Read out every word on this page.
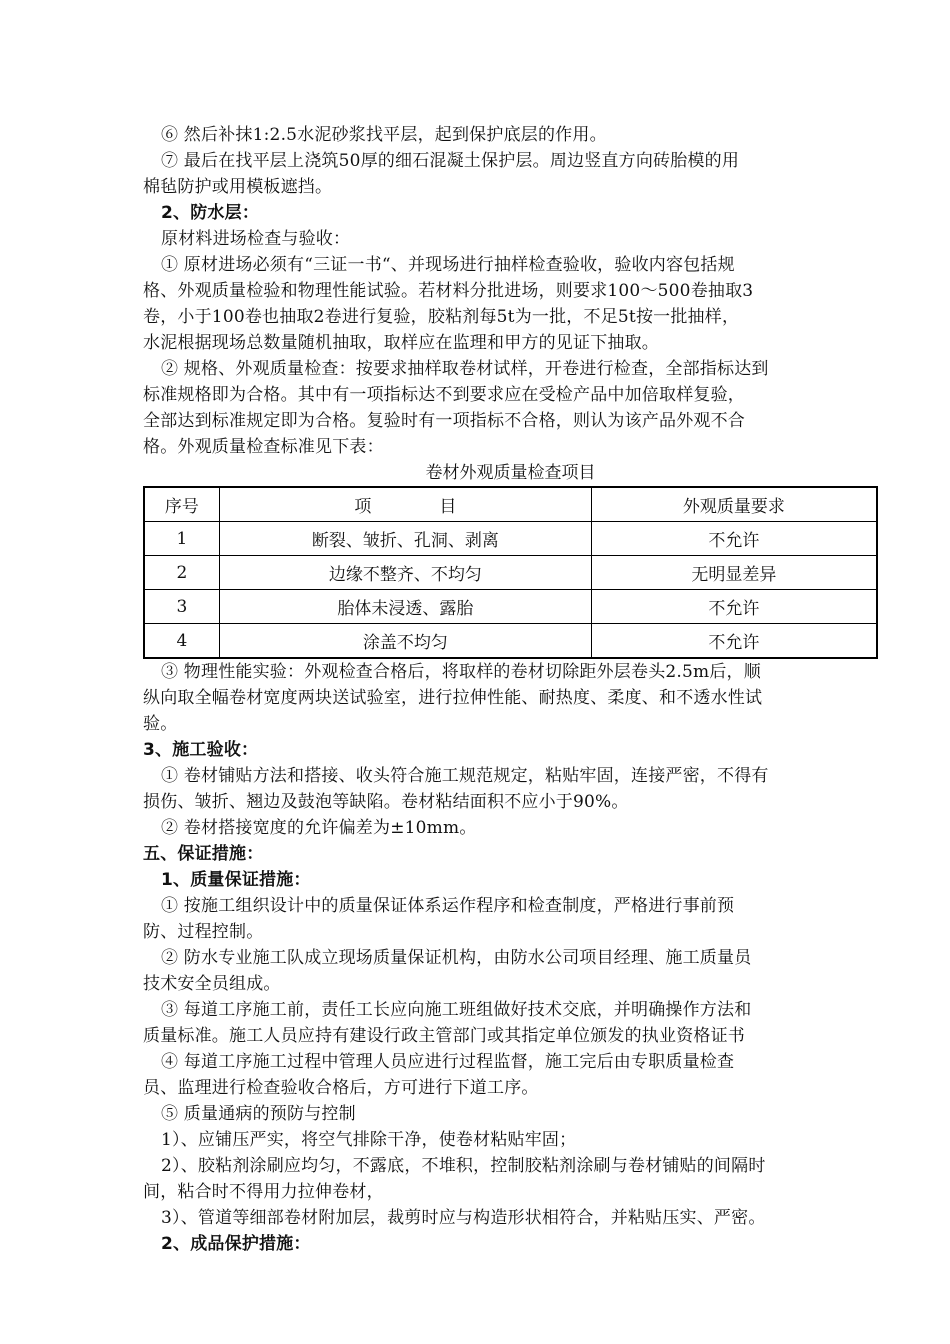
⑥ 然后补抹1:2.5水泥砂浆找平层，起到保护底层的作用。
⑦ 最后在找平层上浇筑50厚的细石混凝土保护层。周边竖直方向砖胎模的用
棉毡防护或用模板遮挡。
2、防水层：
原材料进场检查与验收：
① 原材进场必须有“三证一书“、并现场进行抽样检查验收，验收内容包括规
格、外观质量检验和物理性能试验。若材料分批进场，则要求100～500卷抽取3
卷，小于100卷也抽取2卷进行复验，胶粘剂每5t为一批，不足5t按一批抽样，
水泥根据现场总数量随机抽取，取样应在监理和甲方的见证下抽取。
② 规格、外观质量检查：按要求抽样取卷材试样，开卷进行检查，全部指标达到
标准规格即为合格。其中有一项指标达不到要求应在受检产品中加倍取样复验，
全部达到标准规定即为合格。复验时有一项指标不合格，则认为该产品外观不合
格。外观质量检查标准见下表：
卷材外观质量检查项目
序号	项　　　　目	外观质量要求
1	断裂、皱折、孔洞、剥离	不允许
2	边缘不整齐、不均匀	无明显差异
3	胎体未浸透、露胎	不允许
4	涂盖不均匀	不允许
③ 物理性能实验：外观检查合格后，将取样的卷材切除距外层卷头2.5m后，顺
纵向取全幅卷材宽度两块送试验室，进行拉伸性能、耐热度、柔度、和不透水性试
验。
3、施工验收：
① 卷材铺贴方法和搭接、收头符合施工规范规定，粘贴牢固，连接严密，不得有
损伤、皱折、翘边及鼓泡等缺陷。卷材粘结面积不应小于90%。
② 卷材搭接宽度的允许偏差为±10mm。
五、保证措施：
1、质量保证措施：
① 按施工组织设计中的质量保证体系运作程序和检查制度，严格进行事前预
防、过程控制。
② 防水专业施工队成立现场质量保证机构，由防水公司项目经理、施工质量员
技术安全员组成。
③ 每道工序施工前，责任工长应向施工班组做好技术交底，并明确操作方法和
质量标准。施工人员应持有建设行政主管部门或其指定单位颁发的执业资格证书
④ 每道工序施工过程中管理人员应进行过程监督，施工完后由专职质量检查
员、监理进行检查验收合格后，方可进行下道工序。
⑤ 质量通病的预防与控制
1）、应铺压严实，将空气排除干净，使卷材粘贴牢固；
2）、胶粘剂涂刷应均匀，不露底，不堆积，控制胶粘剂涂刷与卷材铺贴的间隔时
间，粘合时不得用力拉伸卷材，
3）、管道等细部卷材附加层，裁剪时应与构造形状相符合，并粘贴压实、严密。
2、成品保护措施：
